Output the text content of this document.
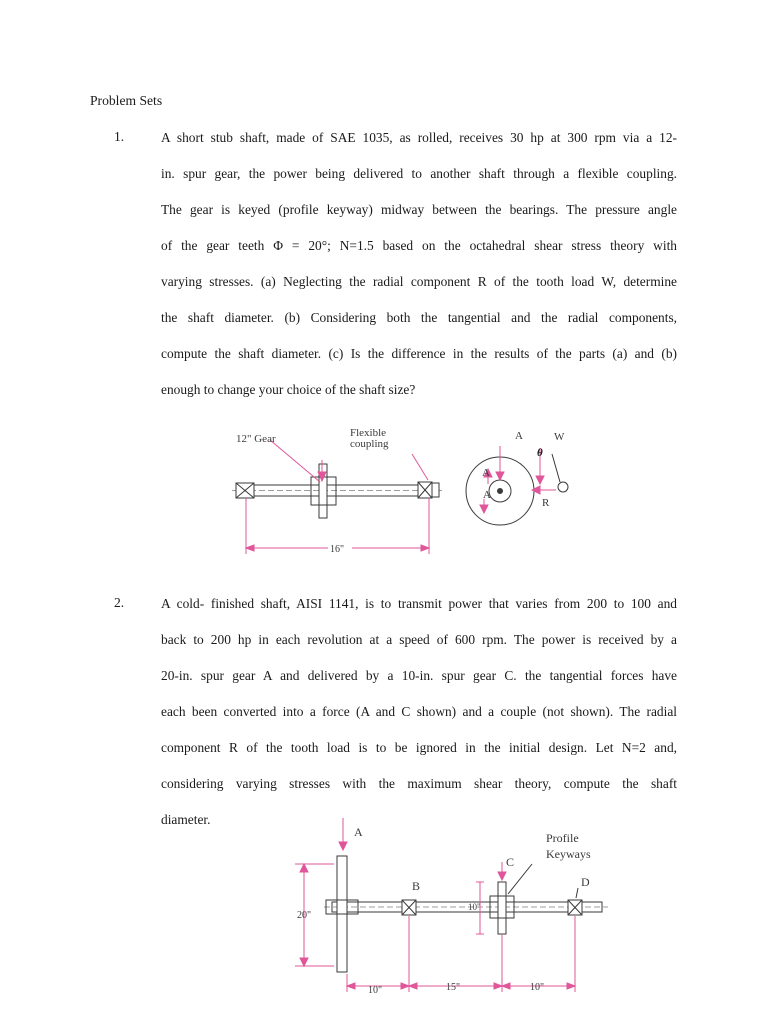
Problem Sets
1.	A short stub shaft, made of SAE 1035, as rolled, receives 30 hp at 300 rpm via a 12-
in. spur gear, the power being delivered to another shaft through a flexible coupling.
The gear is keyed (profile keyway) midway between the bearings. The pressure angle
of the gear teeth Φ = 20°; N=1.5 based on the octahedral shear stress theory with
varying stresses. (a) Neglecting the radial component R of the tooth load W, determine
the shaft diameter. (b) Considering both the tangential and the radial components,
compute the shaft diameter. (c) Is the difference in the results of the parts (a) and (b)
enough to change your choice of the shaft size?
12" Gear	Flexible coupling
16"
A	W
θ
A
A
R
2.	A cold- finished shaft, AISI 1141, is to transmit power that varies from 200 to 100 and
back to 200 hp in each revolution at a speed of 600 rpm. The power is received by a
20-in. spur gear A and delivered by a 10-in. spur gear C. the tangential forces have
each been converted into a force (A and C shown) and a couple (not shown). The radial
component R of the tooth load is to be ignored in the initial design. Let N=2 and,
considering varying stresses with the maximum shear theory, compute the shaft
diameter.
A
B
C
D
Profile Keyways
20"
10"
10"	15"	10"
